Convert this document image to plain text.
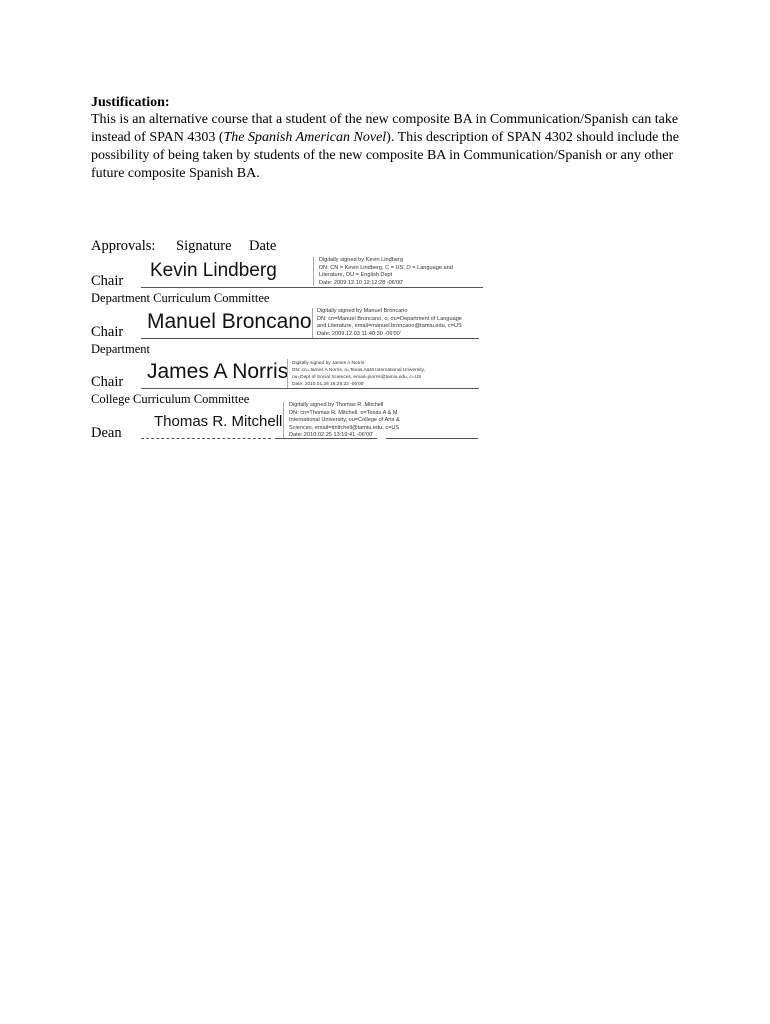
Justification:
This is an alternative course that a student of the new composite BA in Communication/Spanish can take instead of SPAN 4303 (The Spanish American Novel). This description of SPAN 4302 should include the possibility of being taken by students of the new composite BA in Communication/Spanish or any other future composite Spanish BA.
Approvals: Signature Date
Chair Kevin Lindberg	Digitally signed by Kevin Lindberg
DN: CN = Kevin Lindberg, C = US, O = Language and
Literature, OU = English Dept
Date: 2009.12.10 12:12:28 -06'00'
Department Curriculum Committee
Chair Manuel Broncano Digitally signed by Manuel Broncano
DN: cn=Manuel Broncano, o, ou=Department of Language
and Literature, email=manuel.broncano@tamiu.edu, c=US
Date: 2009.12.03 11:40:30 -06'00'
Department
Chair James A Norris Digitally signed by James A Norris
DN: cn=James A Norris, o=Texas A&M International University,
ou=Dept of Social Sciences, email=jnorris@tamiu.edu, c=US
Date: 2010.01.26 16:28:22 -06'00'
College Curriculum Committee
Dean
Thomas R. Mitchell
Digitally signed by Thomas R. Mitchell
DN: cn=Thomas R. Mitchell, o=Texas A & M
International University, ou=College of Arts &
Sciences, email=tmitchell@tamiu.edu, c=US
Date: 2010.02.25 13:19:41 -06'00'
